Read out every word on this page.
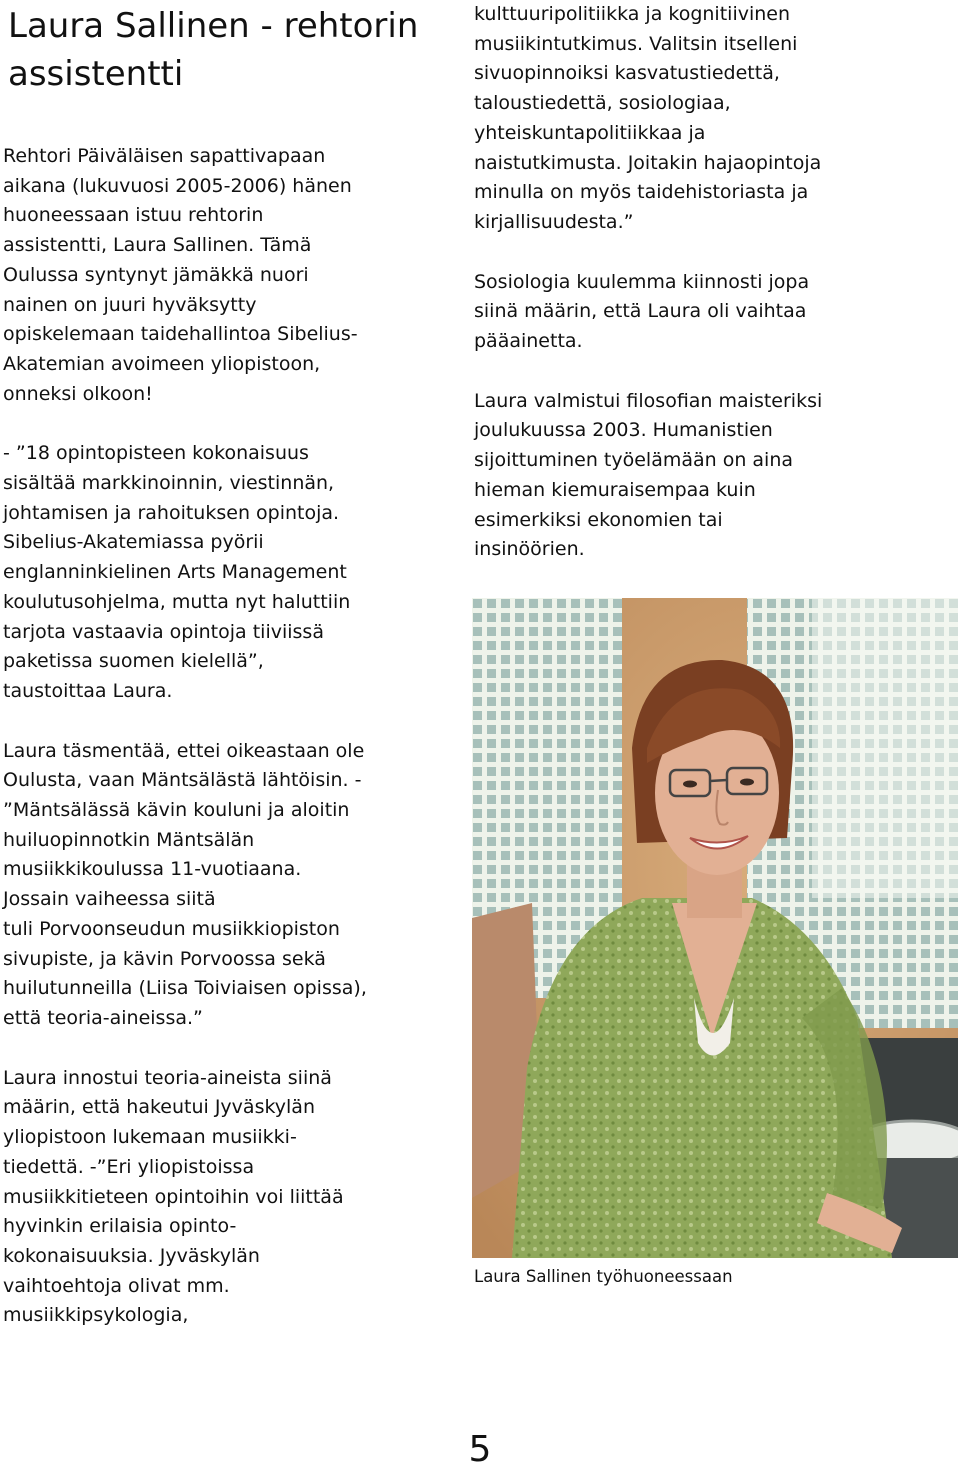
Laura Sallinen - rehtorin
assistentti

Rehtori Päiväläisen sapattivapaan
aikana (lukuvuosi 2005-2006) hänen
huoneessaan istuu rehtorin
assistentti, Laura Sallinen. Tämä
Oulussa syntynyt jämäkkä nuori
nainen on juuri hyväksytty
opiskelemaan taidehallintoa Sibelius-
Akatemian avoimeen yliopistoon,
onneksi olkoon!

- ”18 opintopisteen kokonaisuus
sisältää markkinoinnin, viestinnän,
johtamisen ja rahoituksen opintoja.
Sibelius-Akatemiassa pyörii
englanninkielinen Arts Management
koulutusohjelma, mutta nyt haluttiin
tarjota vastaavia opintoja tiiviissä
paketissa suomen kielellä”,
taustoittaa Laura.

Laura täsmentää, ettei oikeastaan ole
Oulusta, vaan Mäntsälästä lähtöisin. -
”Mäntsälässä kävin kouluni ja aloitin
huiluopinnotkin Mäntsälän
musiikkikoulussa 11-vuotiaana.
Jossain vaiheessa siitä
tuli Porvoonseudun musiikkiopiston
sivupiste, ja kävin Porvoossa sekä
huilutunneilla (Liisa Toiviaisen opissa),
että teoria-aineissa.”

Laura innostui teoria-aineista siinä
määrin, että hakeutui Jyväskylän
yliopistoon lukemaan musiikki-
tiedettä. -”Eri yliopistoissa
musiikkitieteen opintoihin voi liittää
hyvinkin erilaisia opinto-
kokonaisuuksia. Jyväskylän
vaihtoehtoja olivat mm.
musiikkipsykologia,

kulttuuripolitiikka ja kognitiivinen
musiikintutkimus. Valitsin itselleni
sivuopinnoiksi kasvatustiedettä,
taloustiedettä, sosiologiaa,
yhteiskuntapolitiikkaa ja
naistutkimusta. Joitakin hajaopintoja
minulla on myös taidehistoriasta ja
kirjallisuudesta.”

Sosiologia kuulemma kiinnosti jopa
siinä määrin, että Laura oli vaihtaa
pääainetta.

Laura valmistui filosofian maisteriksi
joulukuussa 2003. Humanistien
sijoittuminen työelämään on aina
hieman kiemuraisempaa kuin
esimerkiksi ekonomien tai
insinöörien.

Laura Sallinen työhuoneessaan
5
